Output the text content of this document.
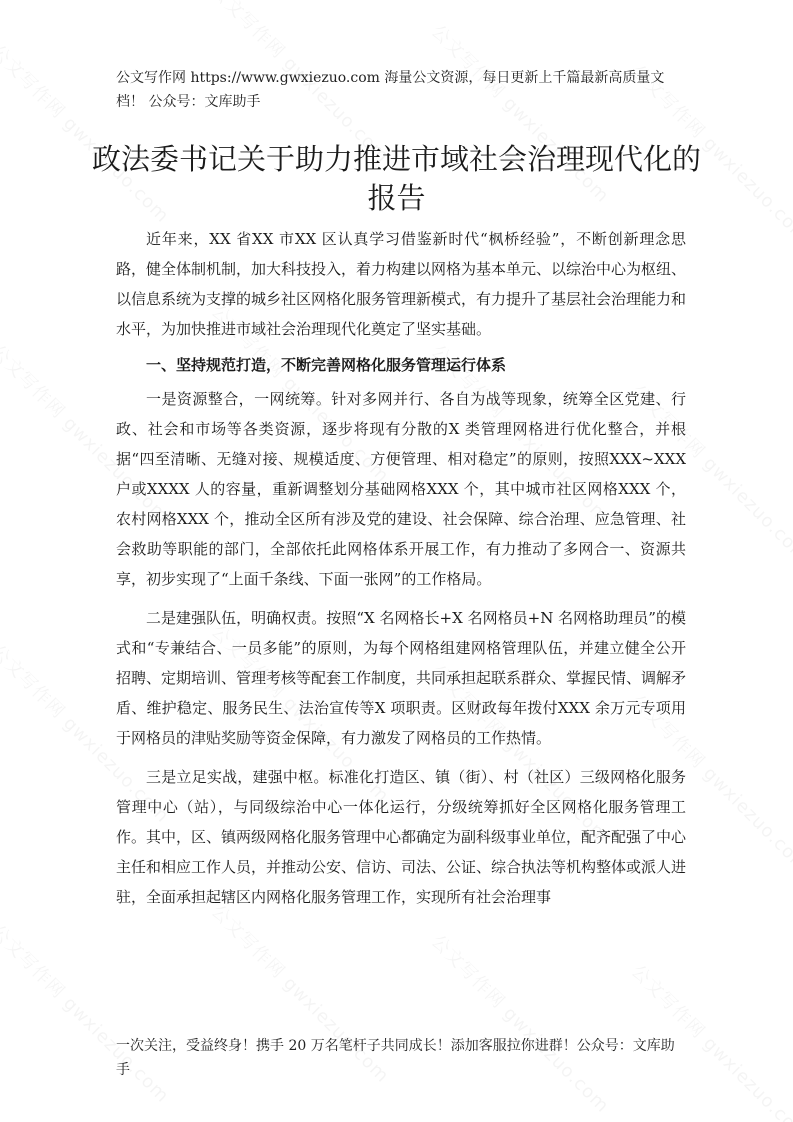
公文写作网 https://www.gwxiezuo.com 海量公文资源，每日更新上千篇最新高质量文档！ 公众号：文库助手
政法委书记关于助力推进市域社会治理现代化的报告

近年来，XX 省XX 市XX 区认真学习借鉴新时代“枫桥经验”，不断创新理念思路，健全体制机制，加大科技投入，着力构建以网格为基本单元、以综治中心为枢纽、以信息系统为支撑的城乡社区网格化服务管理新模式，有力提升了基层社会治理能力和水平，为加快推进市域社会治理现代化奠定了坚实基础。

一、坚持规范打造，不断完善网格化服务管理运行体系

一是资源整合，一网统筹。针对多网并行、各自为战等现象，统筹全区党建、行政、社会和市场等各类资源，逐步将现有分散的X 类管理网格进行优化整合，并根据“四至清晰、无缝对接、规模适度、方便管理、相对稳定”的原则，按照XXX~XXX 户或XXXX 人的容量，重新调整划分基础网格XXX 个，其中城市社区网格XXX 个，农村网格XXX 个，推动全区所有涉及党的建设、社会保障、综合治理、应急管理、社会救助等职能的部门，全部依托此网格体系开展工作，有力推动了多网合一、资源共享，初步实现了“上面千条线、下面一张网”的工作格局。

二是建强队伍，明确权责。按照“X 名网格长+X 名网格员+N 名网格助理员”的模式和“专兼结合、一员多能”的原则，为每个网格组建网格管理队伍，并建立健全公开招聘、定期培训、管理考核等配套工作制度，共同承担起联系群众、掌握民情、调解矛盾、维护稳定、服务民生、法治宣传等X 项职责。区财政每年拨付XXX 余万元专项用于网格员的津贴奖励等资金保障，有力激发了网格员的工作热情。

三是立足实战，建强中枢。标准化打造区、镇（街）、村（社区）三级网格化服务管理中心（站），与同级综治中心一体化运行，分级统筹抓好全区网格化服务管理工作。其中，区、镇两级网格化服务管理中心都确定为副科级事业单位，配齐配强了中心主任和相应工作人员，并推动公安、信访、司法、公证、综合执法等机构整体或派人进驻，全面承担起辖区内网格化服务管理工作，实现所有社会治理事

一次关注，受益终身！携手 20 万名笔杆子共同成长！添加客服拉你进群！公众号：文库助手
